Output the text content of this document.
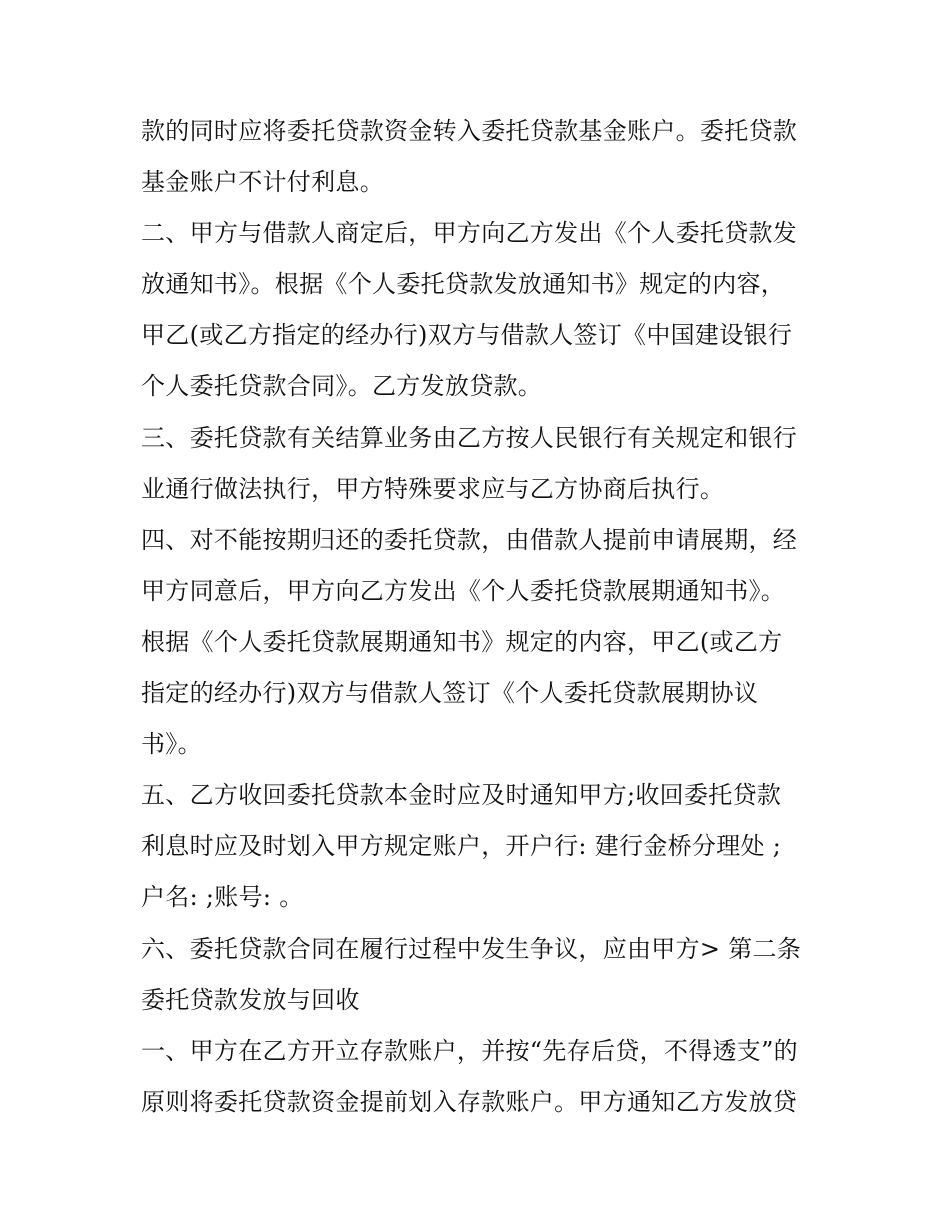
款的同时应将委托贷款资金转入委托贷款基金账户。委托贷款
基金账户不计付利息。
二、甲方与借款人商定后，甲方向乙方发出《个人委托贷款发
放通知书》。根据《个人委托贷款发放通知书》规定的内容，
甲乙(或乙方指定的经办行)双方与借款人签订《中国建设银行
个人委托贷款合同》。乙方发放贷款。
三、委托贷款有关结算业务由乙方按人民银行有关规定和银行
业通行做法执行，甲方特殊要求应与乙方协商后执行。
四、对不能按期归还的委托贷款，由借款人提前申请展期，经
甲方同意后，甲方向乙方发出《个人委托贷款展期通知书》。
根据《个人委托贷款展期通知书》规定的内容，甲乙(或乙方
指定的经办行)双方与借款人签订《个人委托贷款展期协议
书》。
五、乙方收回委托贷款本金时应及时通知甲方;收回委托贷款
利息时应及时划入甲方规定账户，开户行: 建行金桥分理处 ;
户名: ;账号: 。
六、委托贷款合同在履行过程中发生争议，应由甲方> 第二条
委托贷款发放与回收
一、甲方在乙方开立存款账户，并按“先存后贷，不得透支”的
原则将委托贷款资金提前划入存款账户。甲方通知乙方发放贷
